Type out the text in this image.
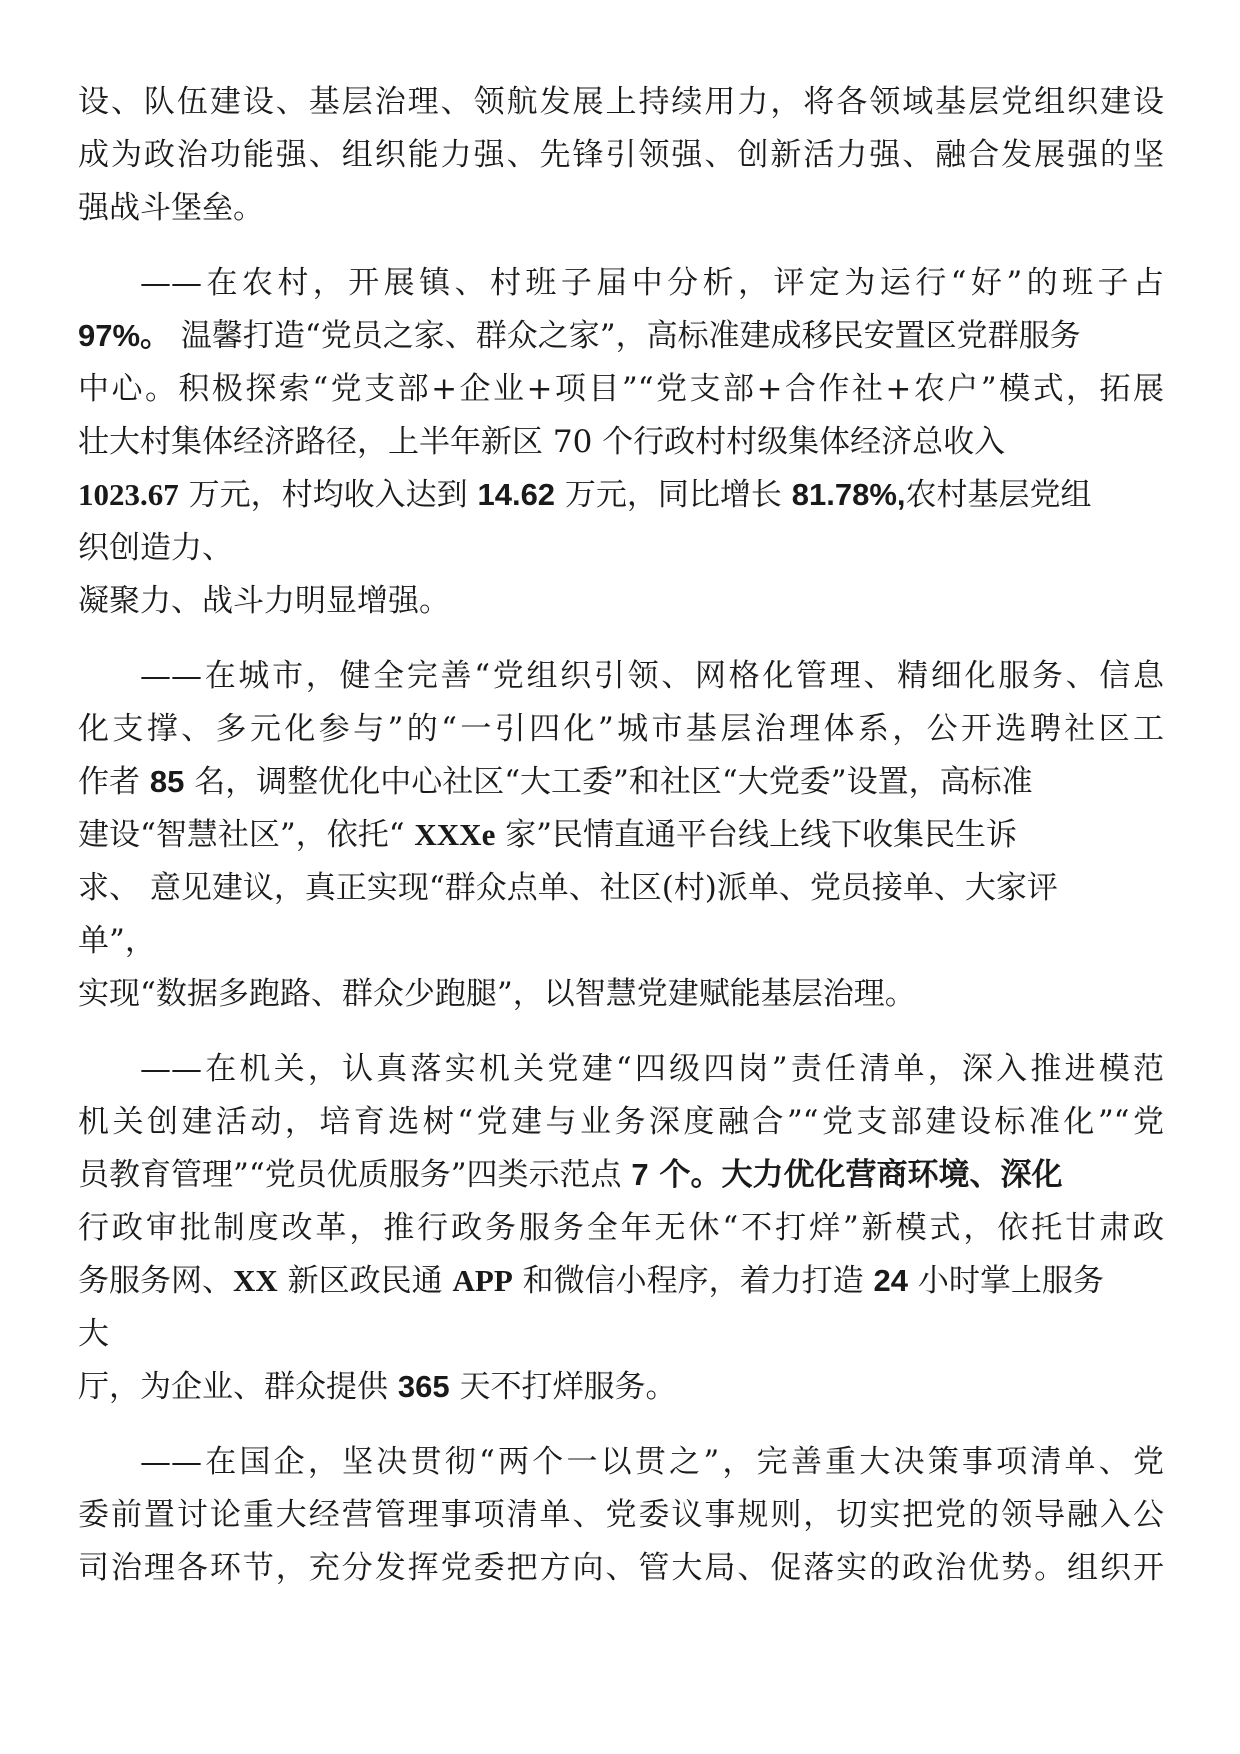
设、队伍建设、基层治理、领航发展上持续用力，将各领域基层党组织建设
成为政治功能强、组织能力强、先锋引领强、创新活力强、融合发展强的坚
强战斗堡垒。
——在农村，开展镇、村班子届中分析，评定为运行“好”的班子占
97%。 温馨打造“党员之家、群众之家”，高标准建成移民安置区党群服务
中心。积极探索“党支部+企业+项目”“党支部+合作社+农户”模式，拓展
壮大村集体经济路径，上半年新区 70 个行政村村级集体经济总收入
1023.67 万元，村均收入达到 14.62 万元，同比增长 81.78%,农村基层党组
织创造力、
凝聚力、战斗力明显增强。
——在城市，健全完善“党组织引领、网格化管理、精细化服务、信息
化支撑、多元化参与”的“一引四化”城市基层治理体系，公开选聘社区工
作者 85 名，调整优化中心社区“大工委”和社区“大党委”设置，高标准
建设“智慧社区”，依托“ XXXe 家”民情直通平台线上线下收集民生诉
求、 意见建议，真正实现“群众点单、社区(村)派单、党员接单、大家评
单”，
实现“数据多跑路、群众少跑腿”，以智慧党建赋能基层治理。
——在机关，认真落实机关党建“四级四岗”责任清单，深入推进模范
机关创建活动，培育选树“党建与业务深度融合”“党支部建设标准化”“党
员教育管理”“党员优质服务”四类示范点 7 个。大力优化营商环境、深化
行政审批制度改革，推行政务服务全年无休“不打烊”新模式，依托甘肃政
务服务网、XX 新区政民通 APP 和微信小程序，着力打造 24 小时掌上服务
大
厅，为企业、群众提供 365 天不打烊服务。
——在国企，坚决贯彻“两个一以贯之”，完善重大决策事项清单、党
委前置讨论重大经营管理事项清单、党委议事规则，切实把党的领导融入公
司治理各环节，充分发挥党委把方向、管大局、促落实的政治优势。组织开
